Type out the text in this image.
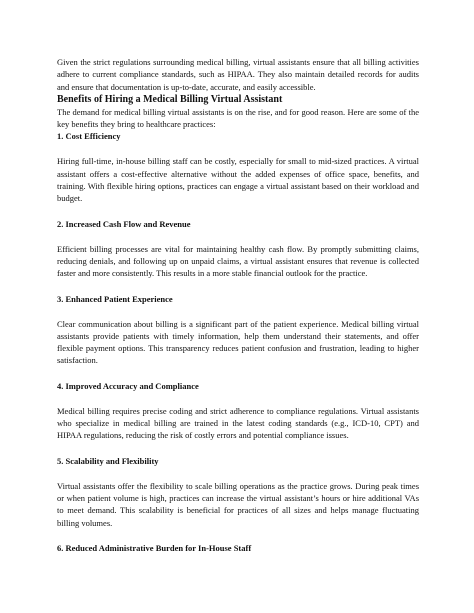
Given the strict regulations surrounding medical billing, virtual assistants ensure that all billing activities adhere to current compliance standards, such as HIPAA. They also maintain detailed records for audits and ensure that documentation is up-to-date, accurate, and easily accessible.

Benefits of Hiring a Medical Billing Virtual Assistant

The demand for medical billing virtual assistants is on the rise, and for good reason. Here are some of the key benefits they bring to healthcare practices:

1. Cost Efficiency

Hiring full-time, in-house billing staff can be costly, especially for small to mid-sized practices. A virtual assistant offers a cost-effective alternative without the added expenses of office space, benefits, and training. With flexible hiring options, practices can engage a virtual assistant based on their workload and budget.

2. Increased Cash Flow and Revenue

Efficient billing processes are vital for maintaining healthy cash flow. By promptly submitting claims, reducing denials, and following up on unpaid claims, a virtual assistant ensures that revenue is collected faster and more consistently. This results in a more stable financial outlook for the practice.

3. Enhanced Patient Experience

Clear communication about billing is a significant part of the patient experience. Medical billing virtual assistants provide patients with timely information, help them understand their statements, and offer flexible payment options. This transparency reduces patient confusion and frustration, leading to higher satisfaction.

4. Improved Accuracy and Compliance

Medical billing requires precise coding and strict adherence to compliance regulations. Virtual assistants who specialize in medical billing are trained in the latest coding standards (e.g., ICD-10, CPT) and HIPAA regulations, reducing the risk of costly errors and potential compliance issues.

5. Scalability and Flexibility

Virtual assistants offer the flexibility to scale billing operations as the practice grows. During peak times or when patient volume is high, practices can increase the virtual assistant’s hours or hire additional VAs to meet demand. This scalability is beneficial for practices of all sizes and helps manage fluctuating billing volumes.

6. Reduced Administrative Burden for In-House Staff
